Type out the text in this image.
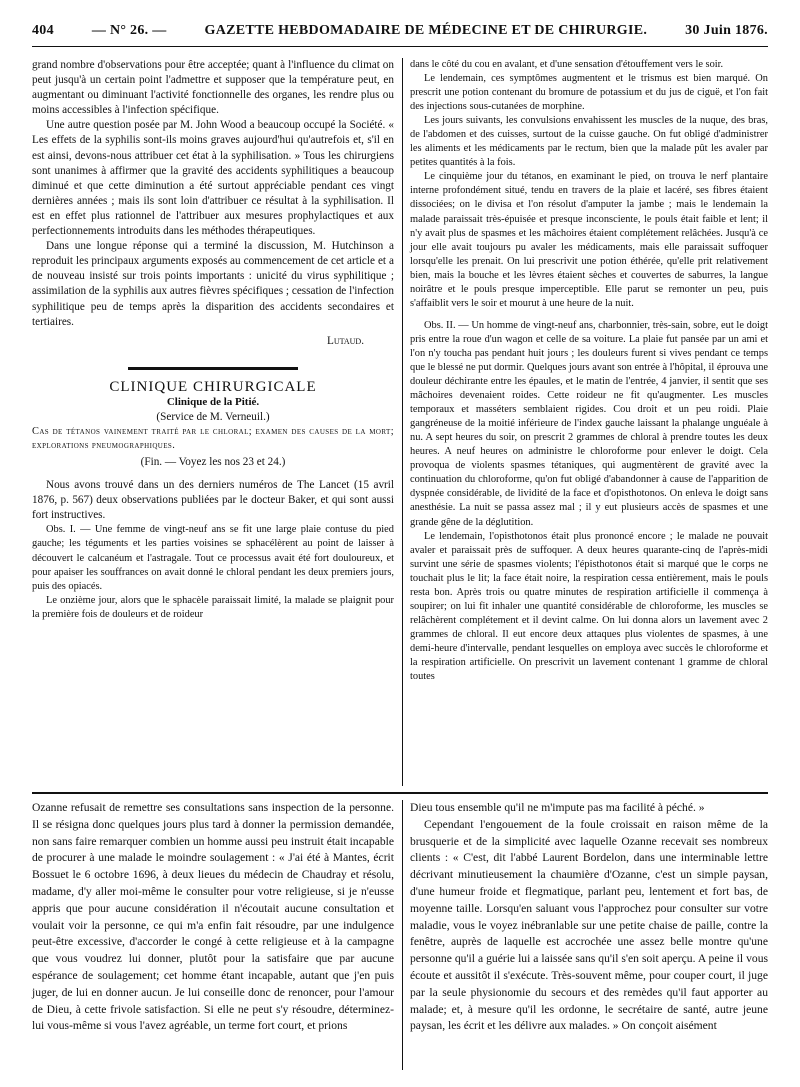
404	— N° 26. —	GAZETTE HEBDOMADAIRE DE MÉDECINE ET DE CHIRURGIE.	30 Juin 1876.

grand nombre d'observations pour être acceptée; quant à l'influence du climat on peut jusqu'à un certain point l'admettre et supposer que la température peut, en augmentant ou diminuant l'activité fonctionnelle des organes, les rendre plus ou moins accessibles à l'infection spécifique.

Une autre question posée par M. John Wood a beaucoup occupé la Société. « Les effets de la syphilis sont-ils moins graves aujourd'hui qu'autrefois et, s'il en est ainsi, devons-nous attribuer cet état à la syphilisation. » Tous les chirurgiens sont unanimes à affirmer que la gravité des accidents syphilitiques a beaucoup diminué et que cette diminution a été surtout appréciable pendant ces vingt dernières années ; mais ils sont loin d'attribuer ce résultat à la syphilisation. Il est en effet plus rationnel de l'attribuer aux mesures prophylactiques et aux perfectionnements introduits dans les méthodes thérapeutiques.

Dans une longue réponse qui a terminé la discussion, M. Hutchinson a reproduit les principaux arguments exposés au commencement de cet article et a de nouveau insisté sur trois points importants : unicité du virus syphilitique ; assimilation de la syphilis aux autres fièvres spécifiques ; cessation de l'infection syphilitique peu de temps après la disparition des accidents secondaires et tertiaires.

Lutaud.

CLINIQUE CHIRURGICALE

Clinique de la Pitié.

(Service de M. Verneuil.)

Cas de tétanos vainement traité par le chloral; examen des causes de la mort; explorations pneumographiques.

(Fin. — Voyez les nos 23 et 24.)

Nous avons trouvé dans un des derniers numéros de The Lancet (15 avril 1876, p. 567) deux observations publiées par le docteur Baker, et qui sont aussi fort instructives.

Obs. I. — Une femme de vingt-neuf ans se fit une large plaie contuse du pied gauche; les téguments et les parties voisines se sphacélèrent au point de laisser à découvert le calcanéum et l'astragale. Tout ce processus avait été fort douloureux, et pour apaiser les souffrances on avait donné le chloral pendant les deux premiers jours, puis des opiacés.

Le onzième jour, alors que le sphacèle paraissait limité, la malade se plaignit pour la première fois de douleurs et de roideur

dans le côté du cou en avalant, et d'une sensation d'étouffement vers le soir.

Le lendemain, ces symptômes augmentent et le trismus est bien marqué. On prescrit une potion contenant du bromure de potassium et du jus de ciguë, et l'on fait des injections sous-cutanées de morphine.

Les jours suivants, les convulsions envahissent les muscles de la nuque, des bras, de l'abdomen et des cuisses, surtout de la cuisse gauche. On fut obligé d'administrer les aliments et les médicaments par le rectum, bien que la malade pût les avaler par petites quantités à la fois.

Le cinquième jour du tétanos, en examinant le pied, on trouva le nerf plantaire interne profondément situé, tendu en travers de la plaie et lacéré, ses fibres étaient dissociées; on le divisa et l'on résolut d'amputer la jambe ; mais le lendemain la malade paraissait très-épuisée et presque inconsciente, le pouls était faible et lent; il n'y avait plus de spasmes et les mâchoires étaient complétement relâchées. Jusqu'à ce jour elle avait toujours pu avaler les médicaments, mais elle paraissait suffoquer lorsqu'elle les prenait. On lui prescrivit une potion éthérée, qu'elle prit relativement bien, mais la bouche et les lèvres étaient sèches et couvertes de saburres, la langue noirâtre et le pouls presque imperceptible. Elle parut se remonter un peu, puis s'affaiblit vers le soir et mourut à une heure de la nuit.

Obs. II. — Un homme de vingt-neuf ans, charbonnier, très-sain, sobre, eut le doigt pris entre la roue d'un wagon et celle de sa voiture. La plaie fut pansée par un ami et l'on n'y toucha pas pendant huit jours ; les douleurs furent si vives pendant ce temps que le blessé ne put dormir. Quelques jours avant son entrée à l'hôpital, il éprouva une douleur déchirante entre les épaules, et le matin de l'entrée, 4 janvier, il sentit que ses mâchoires devenaient roides. Cette roideur ne fit qu'augmenter. Les muscles temporaux et masséters semblaient rigides. Cou droit et un peu roidi. Plaie gangréneuse de la moitié inférieure de l'index gauche laissant la phalange unguéale à nu. A sept heures du soir, on prescrit 2 grammes de chloral à prendre toutes les deux heures. A neuf heures on administre le chloroforme pour enlever le doigt. Cela provoqua de violents spasmes tétaniques, qui augmentèrent de gravité avec la continuation du chloroforme, qu'on fut obligé d'abandonner à cause de l'apparition de dyspnée considérable, de lividité de la face et d'opisthotonos. On enleva le doigt sans anesthésie. La nuit se passa assez mal ; il y eut plusieurs accès de spasmes et une grande gêne de la déglutition.

Le lendemain, l'opisthotonos était plus prononcé encore ; le malade ne pouvait avaler et paraissait près de suffoquer. A deux heures quarante-cinq de l'après-midi survint une série de spasmes violents; l'épisthotonos était si marqué que le corps ne touchait plus le lit; la face était noire, la respiration cessa entièrement, mais le pouls resta bon. Après trois ou quatre minutes de respiration artificielle il commença à soupirer; on lui fit inhaler une quantité considérable de chloroforme, les muscles se relâchèrent complétement et il devint calme. On lui donna alors un lavement avec 2 grammes de chloral. Il eut encore deux attaques plus violentes de spasmes, à une demi-heure d'intervalle, pendant lesquelles on employa avec succès le chloroforme et la respiration artificielle. On prescrivit un lavement contenant 1 gramme de chloral toutes

Ozanne refusait de remettre ses consultations sans inspection de la personne. Il se résigna donc quelques jours plus tard à donner la permission demandée, non sans faire remarquer combien un homme aussi peu instruit était incapable de procurer à une malade le moindre soulagement : « J'ai été à Mantes, écrit Bossuet le 6 octobre 1696, à deux lieues du médecin de Chaudray et résolu, madame, d'y aller moi-même le consulter pour votre religieuse, si je n'eusse appris que pour aucune considération il n'écoutait aucune consultation et voulait voir la personne, ce qui m'a enfin fait résoudre, par une indulgence peut-être excessive, d'accorder le congé à cette religieuse et à la campagne que vous voudrez lui donner, plutôt pour la satisfaire que par aucune espérance de soulagement; cet homme étant incapable, autant que j'en puis juger, de lui en donner aucun. Je lui conseille donc de renoncer, pour l'amour de Dieu, à cette frivole satisfaction. Si elle ne peut s'y résoudre, déterminez-lui vous-même si vous l'avez agréable, un terme fort court, et prions

Dieu tous ensemble qu'il ne m'impute pas ma facilité à péché. »

Cependant l'engouement de la foule croissait en raison même de la brusquerie et de la simplicité avec laquelle Ozanne recevait ses nombreux clients : « C'est, dit l'abbé Laurent Bordelon, dans une interminable lettre décrivant minutieusement la chaumière d'Ozanne, c'est un simple paysan, d'une humeur froide et flegmatique, parlant peu, lentement et fort bas, de moyenne taille. Lorsqu'en saluant vous l'approchez pour consulter sur votre maladie, vous le voyez inébranlable sur une petite chaise de paille, contre la fenêtre, auprès de laquelle est accrochée une assez belle montre qu'une personne qu'il a guérie lui a laissée sans qu'il s'en soit aperçu. A peine il vous écoute et aussitôt il s'exécute. Très-souvent même, pour couper court, il juge par la seule physionomie du secours et des remèdes qu'il faut apporter au malade; et, à mesure qu'il les ordonne, le secrétaire de santé, autre jeune paysan, les écrit et les délivre aux malades. » On conçoit aisément
